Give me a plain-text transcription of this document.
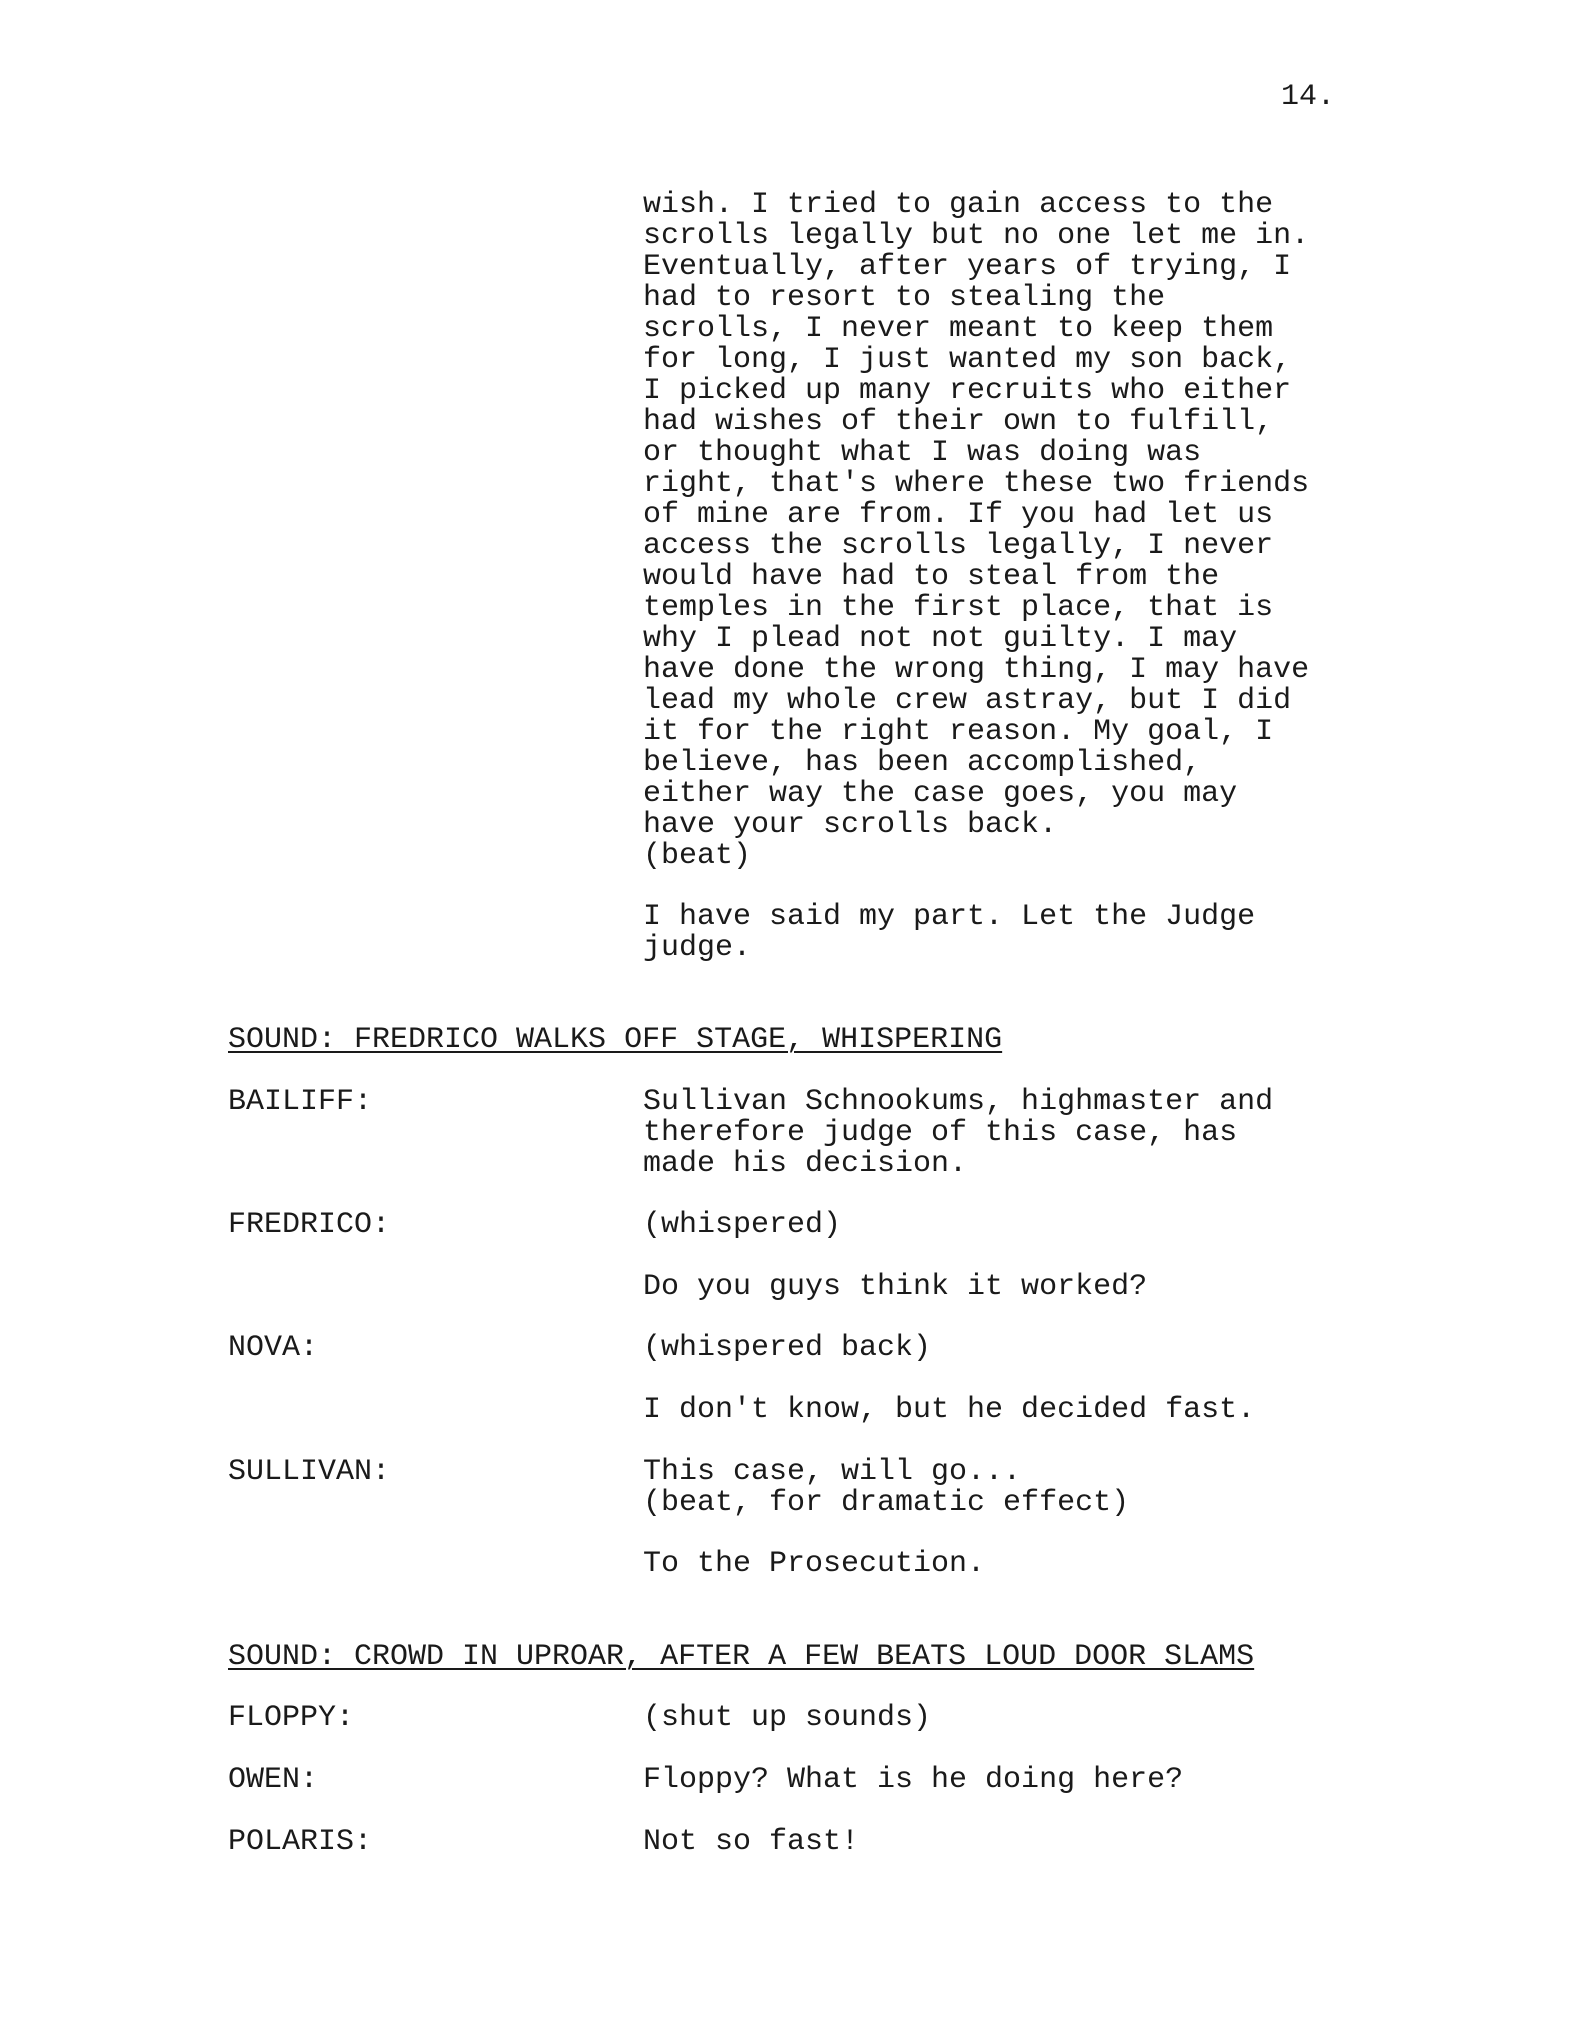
14.
wish. I tried to gain access to the
scrolls legally but no one let me in.
Eventually, after years of trying, I
had to resort to stealing the
scrolls, I never meant to keep them
for long, I just wanted my son back,
I picked up many recruits who either
had wishes of their own to fulfill,
or thought what I was doing was
right, that's where these two friends
of mine are from. If you had let us
access the scrolls legally, I never
would have had to steal from the
temples in the first place, that is
why I plead not not guilty. I may
have done the wrong thing, I may have
lead my whole crew astray, but I did
it for the right reason. My goal, I
believe, has been accomplished,
either way the case goes, you may
have your scrolls back.
(beat)
I have said my part. Let the Judge
judge.
SOUND: FREDRICO WALKS OFF STAGE, WHISPERING
BAILIFF:	Sullivan Schnookums, highmaster and
therefore judge of this case, has
made his decision.
FREDRICO:	(whispered)
Do you guys think it worked?
NOVA:	(whispered back)
I don't know, but he decided fast.
SULLIVAN:	This case, will go...
(beat, for dramatic effect)
To the Prosecution.
SOUND: CROWD IN UPROAR, AFTER A FEW BEATS LOUD DOOR SLAMS
FLOPPY:	(shut up sounds)
OWEN:	Floppy? What is he doing here?
POLARIS:	Not so fast!
